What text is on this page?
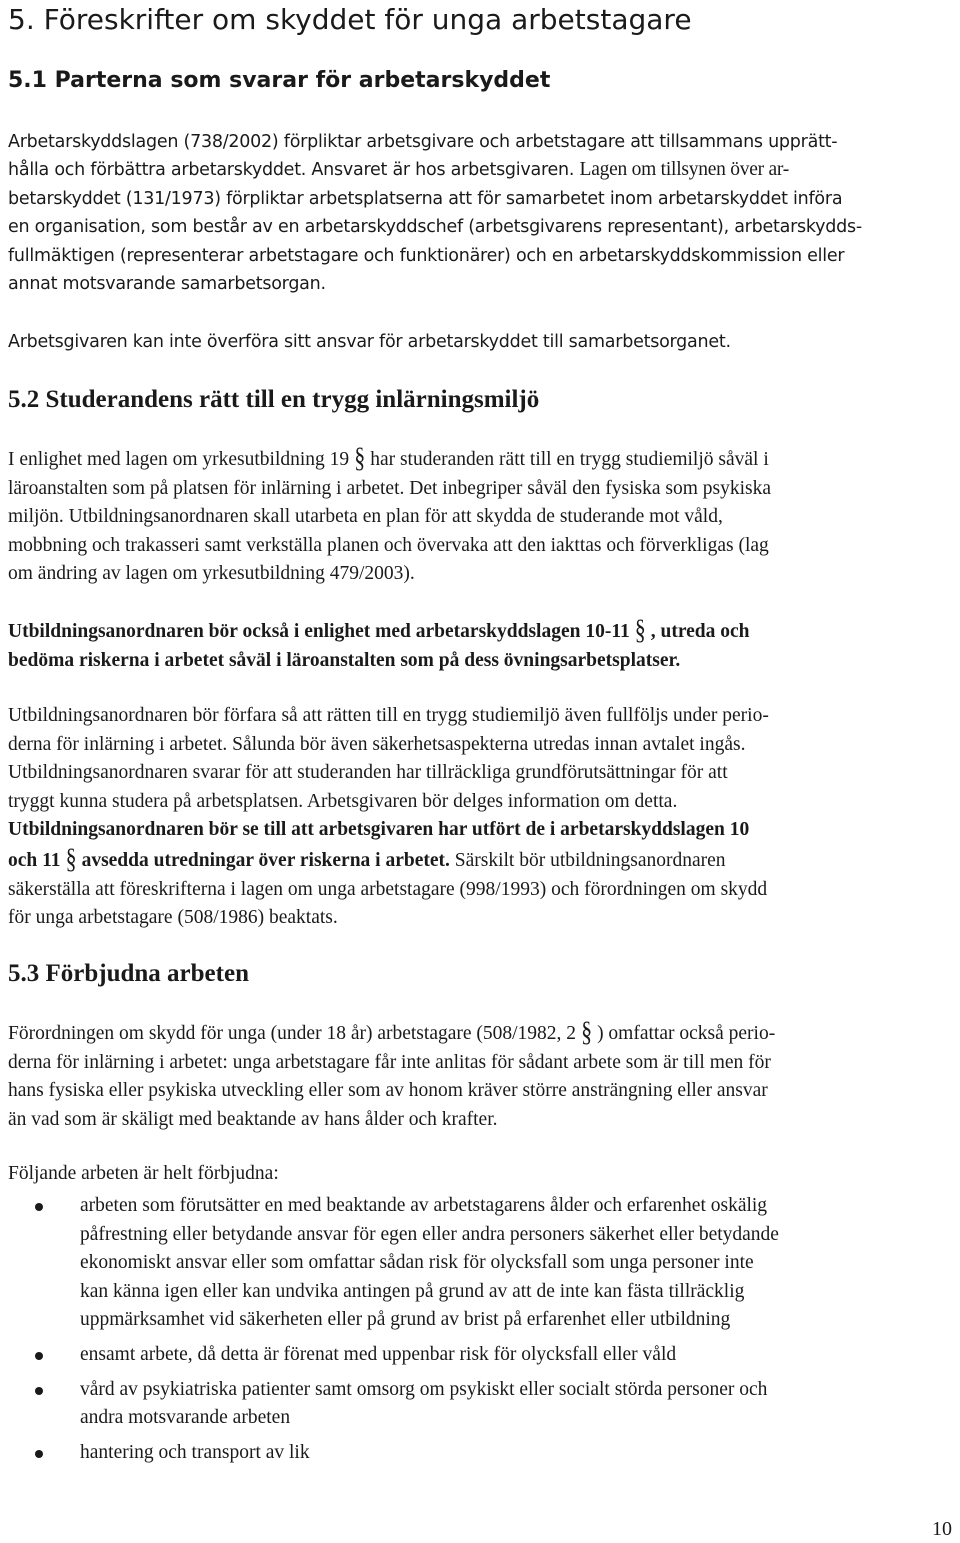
5. Föreskrifter om skyddet för unga arbetstagare
5.1 Parterna som svarar för arbetarskyddet

Arbetarskyddslagen (738/2002) förpliktar arbetsgivare och arbetstagare att tillsammans upprätt-
hålla och förbättra arbetarskyddet. Ansvaret är hos arbetsgivaren. Lagen om tillsynen över ar-
betarskyddet (131/1973) förpliktar arbetsplatserna att för samarbetet inom arbetarskyddet införa
en organisation, som består av en arbetarskyddschef (arbetsgivarens representant), arbetarskydds-
fullmäktigen (representerar arbetstagare och funktionärer) och en arbetarskyddskommission eller
annat motsvarande samarbetsorgan.

Arbetsgivaren kan inte överföra sitt ansvar för arbetarskyddet till samarbetsorganet.

5.2 Studerandens rätt till en trygg inlärningsmiljö

I enlighet med lagen om yrkesutbildning 19 § har studeranden rätt till en trygg studiemiljö såväl i
läroanstalten som på platsen för inlärning i arbetet. Det inbegriper såväl den fysiska som psykiska
miljön. Utbildningsanordnaren skall utarbeta en plan för att skydda de studerande mot våld,
mobbning och trakasseri samt verkställa planen och övervaka att den iakttas och förverkligas (lag
om ändring av lagen om yrkesutbildning 479/2003).

Utbildningsanordnaren bör också i enlighet med arbetarskyddslagen 10-11 § , utreda och
bedöma riskerna i arbetet såväl i läroanstalten som på dess övningsarbetsplatser.

Utbildningsanordnaren bör förfara så att rätten till en trygg studiemiljö även fullföljs under perio-
derna för inlärning i arbetet. Sålunda bör även säkerhetsaspekterna utredas innan avtalet ingås.
Utbildningsanordnaren svarar för att studeranden har tillräckliga grundförutsättningar för att
tryggt kunna studera på arbetsplatsen. Arbetsgivaren bör delges information om detta.
Utbildningsanordnaren bör se till att arbetsgivaren har utfört de i arbetarskyddslagen 10
och 11 § avsedda utredningar över riskerna i arbetet. Särskilt bör utbildningsanordnaren
säkerställa att föreskrifterna i lagen om unga arbetstagare (998/1993) och förordningen om skydd
för unga arbetstagare (508/1986) beaktats.

5.3 Förbjudna arbeten

Förordningen om skydd för unga (under 18 år) arbetstagare (508/1982, 2 § ) omfattar också perio-
derna för inlärning i arbetet: unga arbetstagare får inte anlitas för sådant arbete som är till men för
hans fysiska eller psykiska utveckling eller som av honom kräver större ansträngning eller ansvar
än vad som är skäligt med beaktande av hans ålder och krafter.

Följande arbeten är helt förbjudna:

arbeten som förutsätter en med beaktande av arbetstagarens ålder och erfarenhet oskälig
påfrestning eller betydande ansvar för egen eller andra personers säkerhet eller betydande
ekonomiskt ansvar eller som omfattar sådan risk för olycksfall som unga personer inte
kan känna igen eller kan undvika antingen på grund av att de inte kan fästa tillräcklig
uppmärksamhet vid säkerheten eller på grund av brist på erfarenhet eller utbildning
ensamt arbete, då detta är förenat med uppenbar risk för olycksfall eller våld
vård av psykiatriska patienter samt omsorg om psykiskt eller socialt störda personer och
andra motsvarande arbeten
hantering och transport av lik
10
